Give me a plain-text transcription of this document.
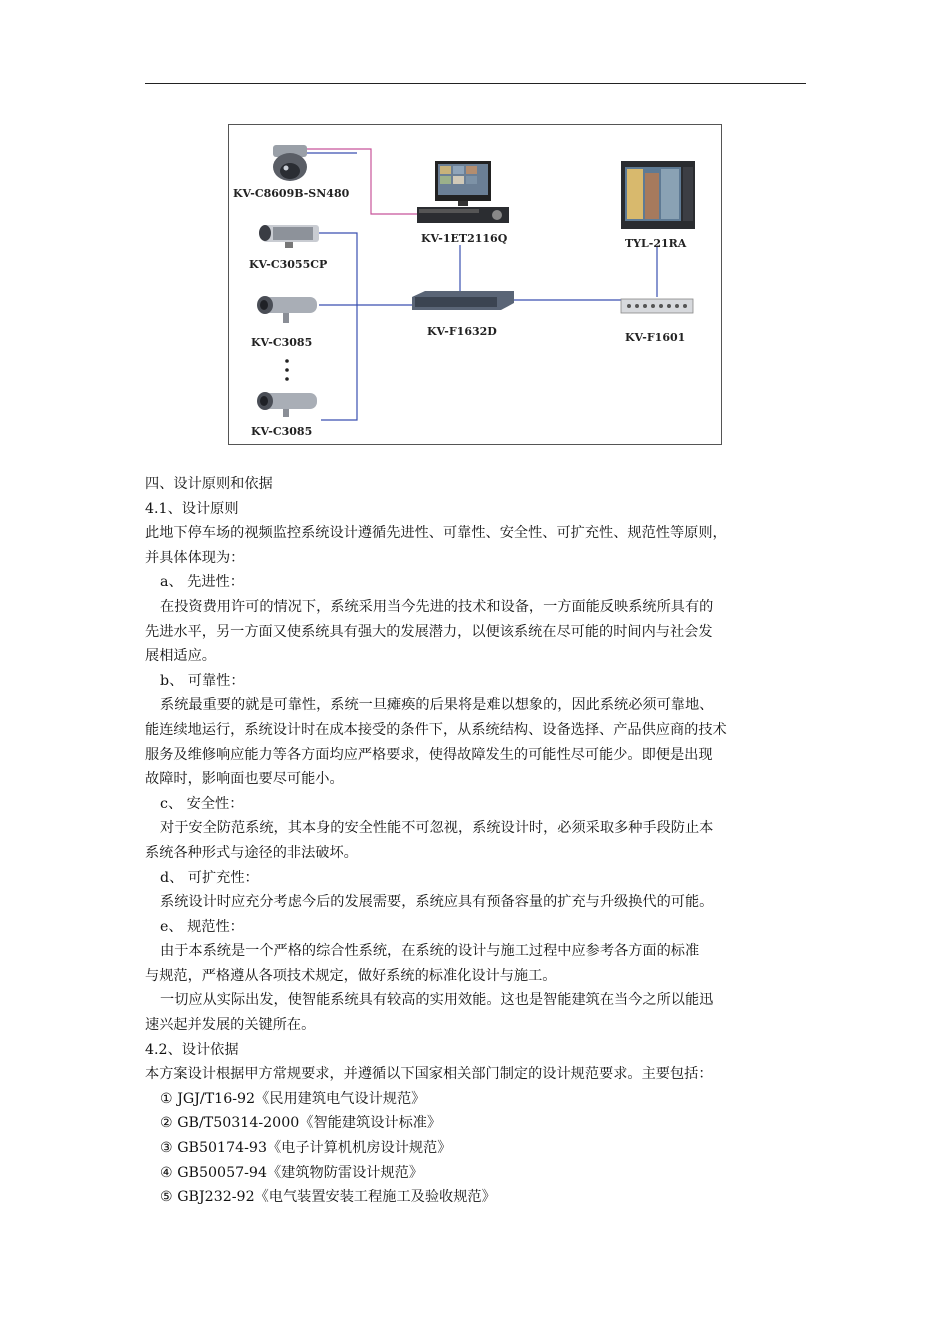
KV-C8609B-SN480
KV-C3055CP
KV-C3085
KV-C3085
KV-1ET2116Q
KV-F1632D
TYL-21RA
KV-F1601

四、设计原则和依据

4.1、设计原则

此地下停车场的视频监控系统设计遵循先进性、可靠性、安全性、可扩充性、规范性等原则，

并具体体现为：

a、 先进性：

在投资费用许可的情况下，系统采用当今先进的技术和设备，一方面能反映系统所具有的

先进水平，另一方面又使系统具有强大的发展潜力，以便该系统在尽可能的时间内与社会发

展相适应。

b、 可靠性：

系统最重要的就是可靠性，系统一旦瘫痪的后果将是难以想象的，因此系统必须可靠地、

能连续地运行，系统设计时在成本接受的条件下，从系统结构、设备选择、产品供应商的技术

服务及维修响应能力等各方面均应严格要求，使得故障发生的可能性尽可能少。即便是出现

故障时，影响面也要尽可能小。

c、 安全性：

对于安全防范系统，其本身的安全性能不可忽视，系统设计时，必须采取多种手段防止本

系统各种形式与途径的非法破坏。

d、 可扩充性：

系统设计时应充分考虑今后的发展需要，系统应具有预备容量的扩充与升级换代的可能。

e、 规范性：

由于本系统是一个严格的综合性系统，在系统的设计与施工过程中应参考各方面的标准

与规范，严格遵从各项技术规定，做好系统的标准化设计与施工。

一切应从实际出发，使智能系统具有较高的实用效能。这也是智能建筑在当今之所以能迅

速兴起并发展的关键所在。

4.2、设计依据

本方案设计根据甲方常规要求，并遵循以下国家相关部门制定的设计规范要求。主要包括：

① JGJ/T16-92《民用建筑电气设计规范》

② GB/T50314-2000《智能建筑设计标准》

③ GB50174-93《电子计算机机房设计规范》

④ GB50057-94《建筑物防雷设计规范》

⑤ GBJ232-92《电气装置安装工程施工及验收规范》
